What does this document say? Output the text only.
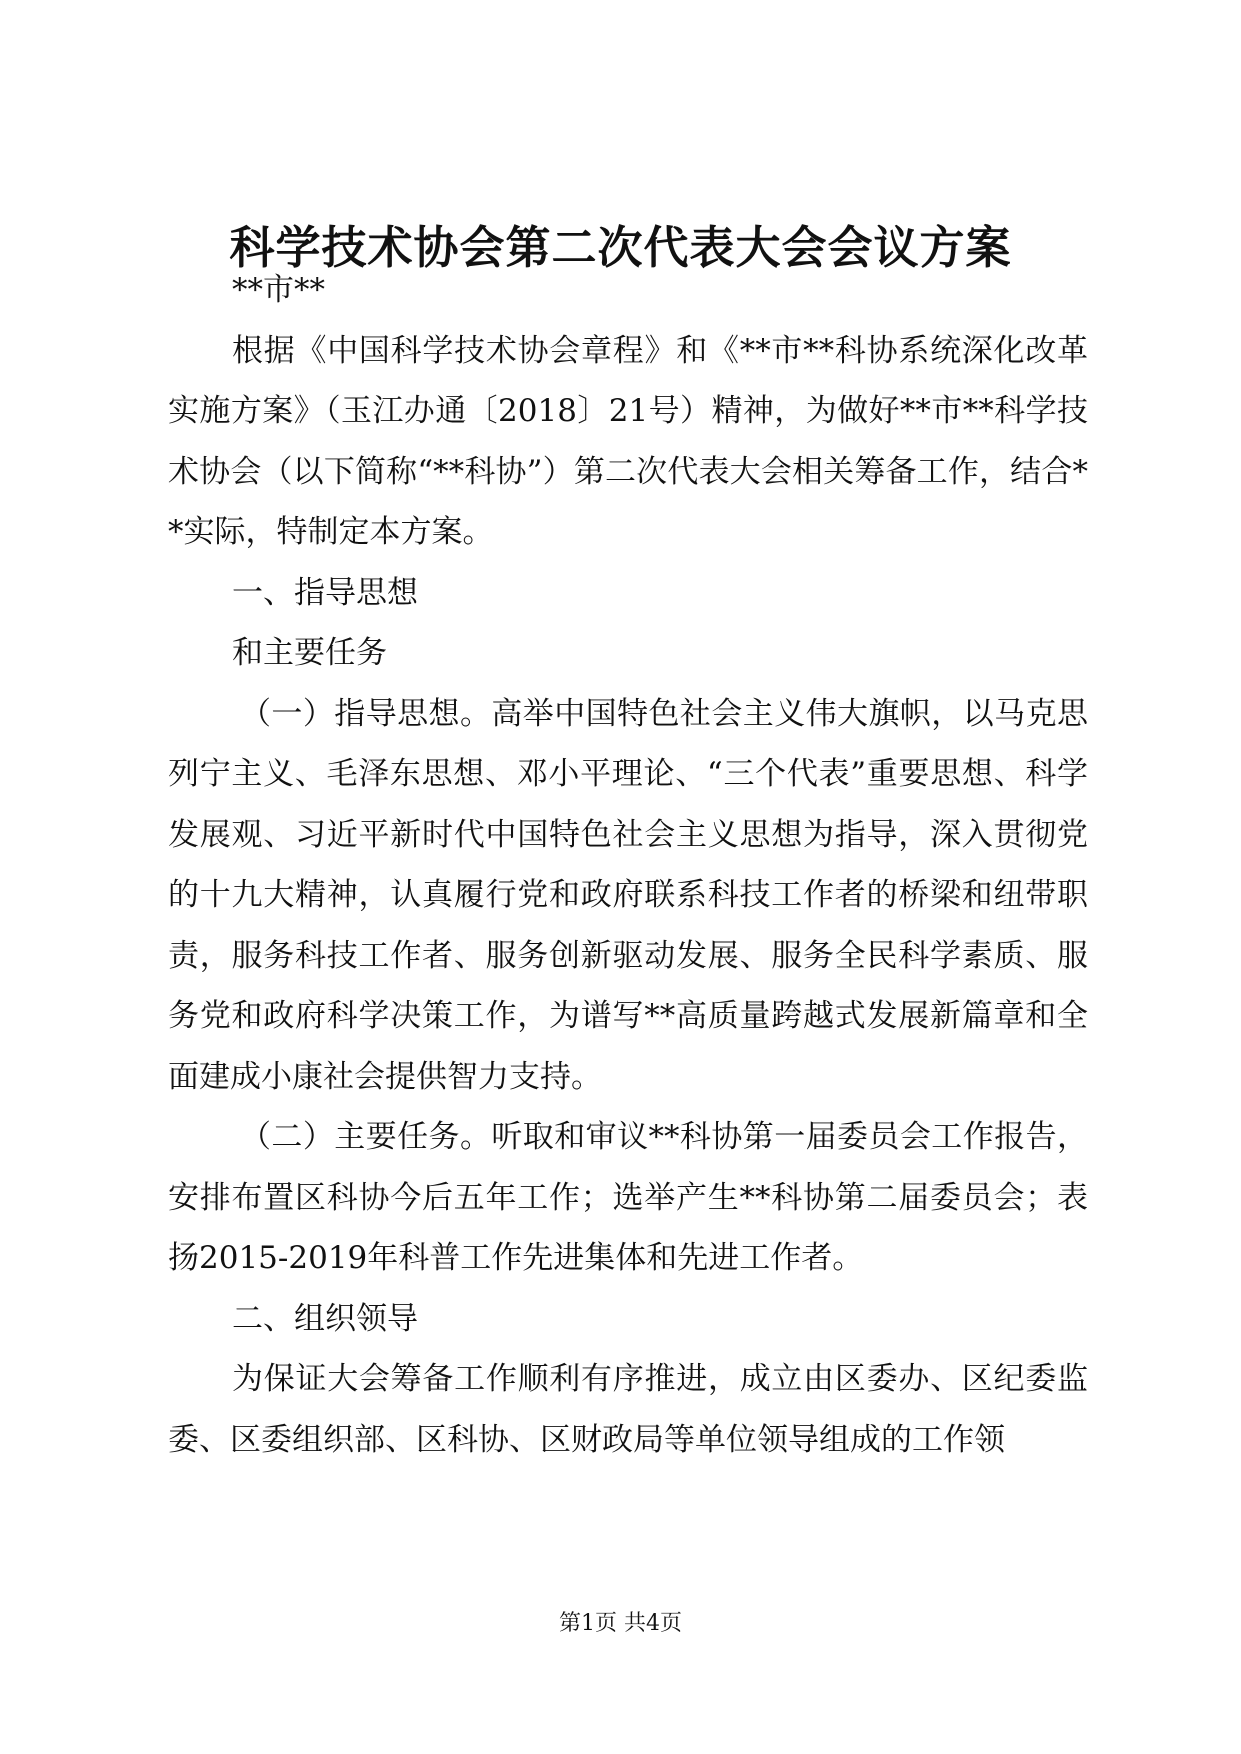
科学技术协会第二次代表大会会议方案

**市**

根据《中国科学技术协会章程》和《**市**科协系统深化改革实施方案》（玉江办通〔2018〕21号）精神，为做好**市**科学技术协会（以下简称“**科协”）第二次代表大会相关筹备工作，结合**实际，特制定本方案。

一、指导思想

和主要任务

（一）指导思想。高举中国特色社会主义伟大旗帜，以马克思列宁主义、毛泽东思想、邓小平理论、“三个代表”重要思想、科学发展观、习近平新时代中国特色社会主义思想为指导，深入贯彻党的十九大精神，认真履行党和政府联系科技工作者的桥梁和纽带职责，服务科技工作者、服务创新驱动发展、服务全民科学素质、服务党和政府科学决策工作，为谱写**高质量跨越式发展新篇章和全面建成小康社会提供智力支持。

（二）主要任务。听取和审议**科协第一届委员会工作报告，安排布置区科协今后五年工作；选举产生**科协第二届委员会；表扬2015-2019年科普工作先进集体和先进工作者。

二、组织领导

为保证大会筹备工作顺利有序推进，成立由区委办、区纪委监委、区委组织部、区科协、区财政局等单位领导组成的工作领

第1页 共4页
